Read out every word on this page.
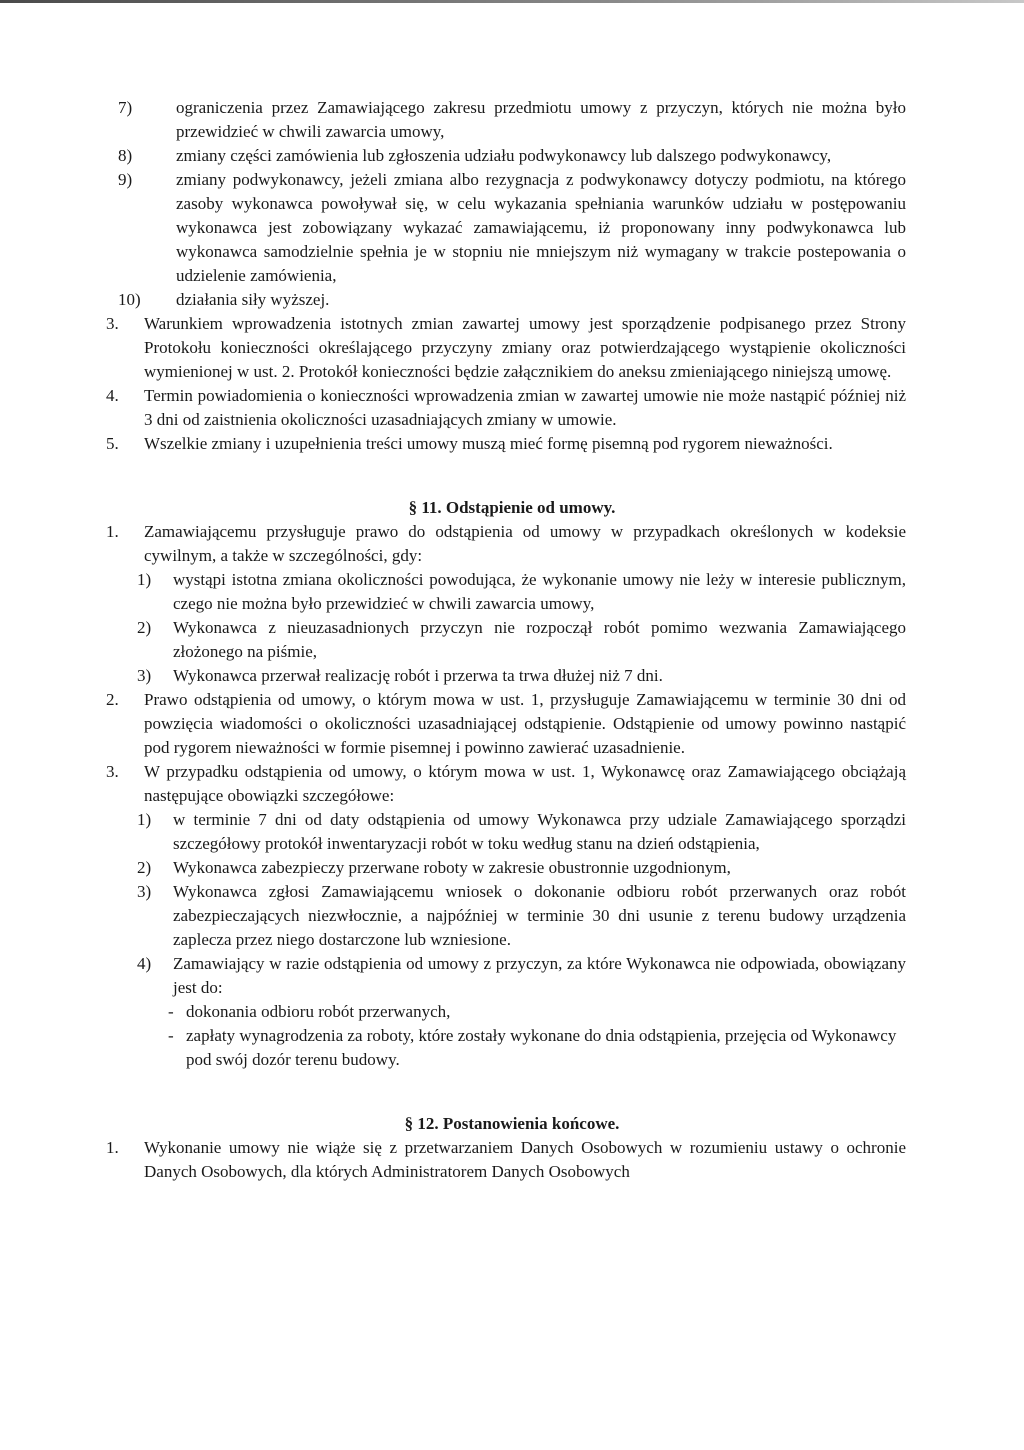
7)	ograniczenia przez Zamawiającego zakresu przedmiotu umowy z przyczyn, których nie można było przewidzieć w chwili zawarcia umowy,
8)	zmiany części zamówienia lub zgłoszenia udziału podwykonawcy lub dalszego podwykonawcy,
9)	zmiany podwykonawcy, jeżeli zmiana albo rezygnacja z podwykonawcy dotyczy podmiotu, na którego zasoby wykonawca powoływał się, w celu wykazania spełniania warunków udziału w postępowaniu wykonawca jest zobowiązany wykazać zamawiającemu, iż proponowany inny podwykonawca lub wykonawca samodzielnie spełnia je w stopniu nie mniejszym niż wymagany w trakcie postepowania o udzielenie zamówienia,
10) działania siły wyższej.
3. Warunkiem wprowadzenia istotnych zmian zawartej umowy jest sporządzenie podpisanego przez Strony Protokołu konieczności określającego przyczyny zmiany oraz potwierdzającego wystąpienie okoliczności wymienionej w ust. 2. Protokół konieczności będzie załącznikiem do aneksu zmieniającego niniejszą umowę.
4. Termin powiadomienia o konieczności wprowadzenia zmian w zawartej umowie nie może nastąpić później niż 3 dni od zaistnienia okoliczności uzasadniających zmiany w umowie.
5. Wszelkie zmiany i uzupełnienia treści umowy muszą mieć formę pisemną pod rygorem nieważności.
§ 11. Odstąpienie od umowy.
1. Zamawiającemu przysługuje prawo do odstąpienia od umowy w przypadkach określonych w kodeksie cywilnym, a także w szczególności, gdy:
1) wystąpi istotna zmiana okoliczności powodująca, że wykonanie umowy nie leży w interesie publicznym, czego nie można było przewidzieć w chwili zawarcia umowy,
2) Wykonawca z nieuzasadnionych przyczyn nie rozpoczął robót pomimo wezwania Zamawiającego złożonego na piśmie,
3) Wykonawca przerwał realizację robót i przerwa ta trwa dłużej niż 7 dni.
2. Prawo odstąpienia od umowy, o którym mowa w ust. 1, przysługuje Zamawiającemu w terminie 30 dni od powzięcia wiadomości o okoliczności uzasadniającej odstąpienie. Odstąpienie od umowy powinno nastąpić pod rygorem nieważności w formie pisemnej i powinno zawierać uzasadnienie.
3. W przypadku odstąpienia od umowy, o którym mowa w ust. 1, Wykonawcę oraz Zamawiającego obciążają następujące obowiązki szczegółowe:
1) w terminie 7 dni od daty odstąpienia od umowy Wykonawca przy udziale Zamawiającego sporządzi szczegółowy protokół inwentaryzacji robót w toku według stanu na dzień odstąpienia,
2) Wykonawca zabezpieczy przerwane roboty w zakresie obustronnie uzgodnionym,
3) Wykonawca zgłosi Zamawiającemu wniosek o dokonanie odbioru robót przerwanych oraz robót zabezpieczających niezwłocznie, a najpóźniej w terminie 30 dni usunie z terenu budowy urządzenia zaplecza przez niego dostarczone lub wzniesione.
4) Zamawiający w razie odstąpienia od umowy z przyczyn, za które Wykonawca nie odpowiada, obowiązany jest do:
- dokonania odbioru robót przerwanych,
- zapłaty wynagrodzenia za roboty, które zostały wykonane do dnia odstąpienia, przejęcia od Wykonawcy pod swój dozór terenu budowy.
§ 12. Postanowienia końcowe.
1. Wykonanie umowy nie wiąże się z przetwarzaniem Danych Osobowych w rozumieniu ustawy o ochronie Danych Osobowych, dla których Administratorem Danych Osobowych
